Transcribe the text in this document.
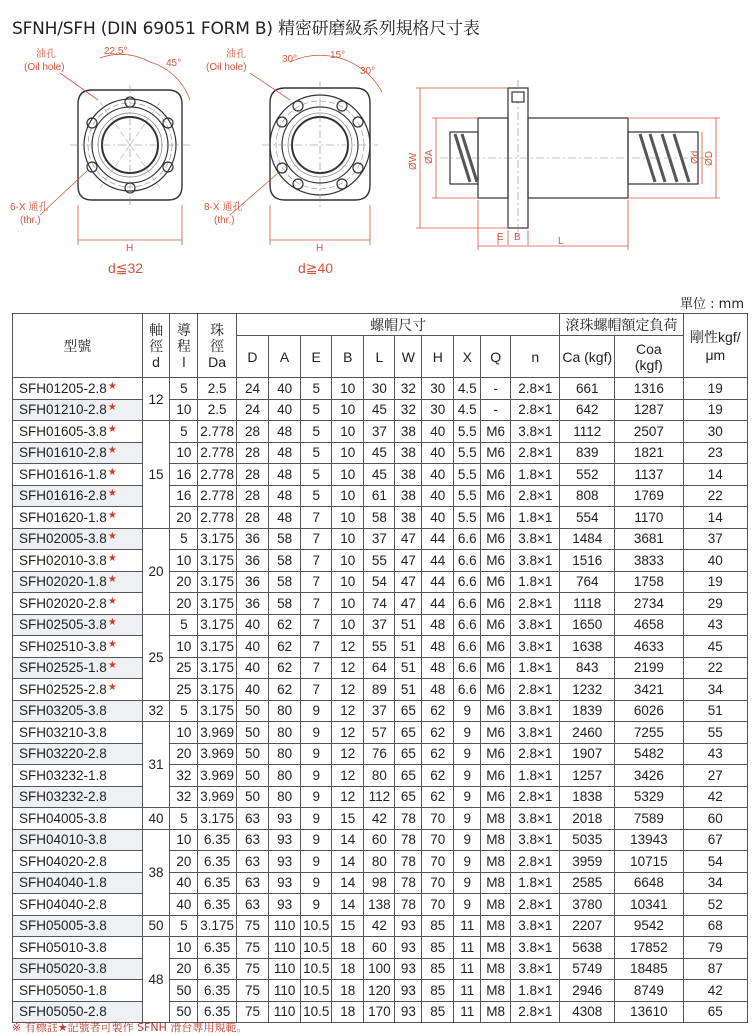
SFNH/SFH (DIN 69051 FORM B) 精密研磨級系列規格尺寸表
油孔
(Oil hole)
22.5°
45°
6-X 通孔
(thr.)
H
d≦32
油孔
(Oil hole)
30°	15°
30°
8-X 通孔
(thr.)
H
d≧40
ØW ØA	Ød ØD
E B	L
單位 : mm
型號	軸徑d	導程l	珠徑Da	螺帽尺寸										滾珠螺帽額定負荷		剛性kgf/μm
				D	A	E	B	L	W	H	X	Q	n	Ca (kgf)	Coa (kgf)	
SFH01205-2.8★	12	5	2.5	24	40	5	10	30	32	30	4.5	-	2.8×1	661	1316	19
SFH01210-2.8★		10	2.5	24	40	5	10	45	32	30	4.5	-	2.8×1	642	1287	19
SFH01605-3.8★	15	5	2.778	28	48	5	10	37	38	40	5.5	M6	3.8×1	1112	2507	30
SFH01610-2.8★		10	2.778	28	48	5	10	45	38	40	5.5	M6	2.8×1	839	1821	23
SFH01616-1.8★		16	2.778	28	48	5	10	45	38	40	5.5	M6	1.8×1	552	1137	14
SFH01616-2.8★		16	2.778	28	48	5	10	61	38	40	5.5	M6	2.8×1	808	1769	22
SFH01620-1.8★		20	2.778	28	48	7	10	58	38	40	5.5	M6	1.8×1	554	1170	14
SFH02005-3.8★	20	5	3.175	36	58	7	10	37	47	44	6.6	M6	3.8×1	1484	3681	37
SFH02010-3.8★		10	3.175	36	58	7	10	55	47	44	6.6	M6	3.8×1	1516	3833	40
SFH02020-1.8★		20	3.175	36	58	7	10	54	47	44	6.6	M6	1.8×1	764	1758	19
SFH02020-2.8★		20	3.175	36	58	7	10	74	47	44	6.6	M6	2.8×1	1118	2734	29
SFH02505-3.8★	25	5	3.175	40	62	7	10	37	51	48	6.6	M6	3.8×1	1650	4658	43
SFH02510-3.8★		10	3.175	40	62	7	12	55	51	48	6.6	M6	3.8×1	1638	4633	45
SFH02525-1.8★		25	3.175	40	62	7	12	64	51	48	6.6	M6	1.8×1	843	2199	22
SFH02525-2.8★		25	3.175	40	62	7	12	89	51	48	6.6	M6	2.8×1	1232	3421	34
SFH03205-3.8	32	5	3.175	50	80	9	12	37	65	62	9	M6	3.8×1	1839	6026	51
SFH03210-3.8	31	10	3.969	50	80	9	12	57	65	62	9	M6	3.8×1	2460	7255	55
SFH03220-2.8		20	3.969	50	80	9	12	76	65	62	9	M6	2.8×1	1907	5482	43
SFH03232-1.8		32	3.969	50	80	9	12	80	65	62	9	M6	1.8×1	1257	3426	27
SFH03232-2.8		32	3.969	50	80	9	12	112	65	62	9	M6	2.8×1	1838	5329	42
SFH04005-3.8	40	5	3.175	63	93	9	15	42	78	70	9	M8	3.8×1	2018	7589	60
SFH04010-3.8	38	10	6.35	63	93	9	14	60	78	70	9	M8	3.8×1	5035	13943	67
SFH04020-2.8		20	6.35	63	93	9	14	80	78	70	9	M8	2.8×1	3959	10715	54
SFH04040-1.8		40	6.35	63	93	9	14	98	78	70	9	M8	1.8×1	2585	6648	34
SFH04040-2.8		40	6.35	63	93	9	14	138	78	70	9	M8	2.8×1	3780	10341	52
SFH05005-3.8	50	5	3.175	75	110	10.5	15	42	93	85	11	M8	3.8×1	2207	9542	68
SFH05010-3.8	48	10	6.35	75	110	10.5	18	60	93	85	11	M8	3.8×1	5638	17852	79
SFH05020-3.8		20	6.35	75	110	10.5	18	100	93	85	11	M8	3.8×1	5749	18485	87
SFH05050-1.8		50	6.35	75	110	10.5	18	120	93	85	11	M8	1.8×1	2946	8749	42
SFH05050-2.8		50	6.35	75	110	10.5	18	170	93	85	11	M8	2.8×1	4308	13610	65
※ 有標註★記號者可製作 SFNH 滑台專用規範。
